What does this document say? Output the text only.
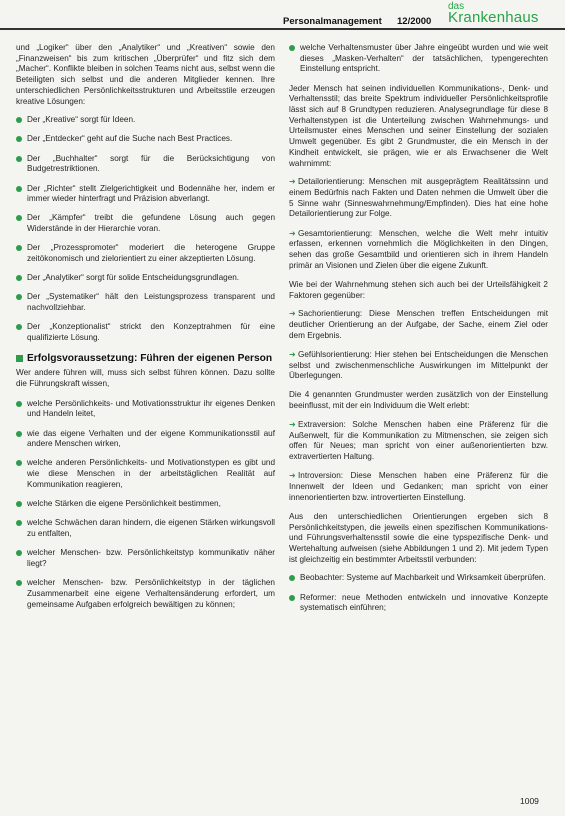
Personalmanagement 12/2000
das
Krankenhaus
und „Logiker“ über den „Analytiker“ und „Kreativen“ sowie den „Finanzweisen“ bis zum kritischen „Überprüfer“ und fitz sich dem „Macher“. Konflikte bleiben in solchen Teams nicht aus, selbst wenn die Beteiligten sich selbst und die anderen Mitglieder kennen. Ihre unterschiedlichen Persönlichkeitsstrukturen und Arbeitsstile erzeugen kreative Lösungen:
Der „Kreative“ sorgt für Ideen.
Der „Entdecker“ geht auf die Suche nach Best Practices.
Der „Buchhalter“ sorgt für die Berücksichtigung von Budgetrestriktionen.
Der „Richter“ stellt Zielgerichtigkeit und Bodennähe her, indem er immer wieder hinterfragt und Präzision abverlangt.
Der „Kämpfer“ treibt die gefundene Lösung auch gegen Widerstände in der Hierarchie voran.
Der „Prozesspromoter“ moderiert die heterogene Gruppe zeitökonomisch und zielorientiert zu einer akzeptierten Lösung.
Der „Analytiker“ sorgt für solide Entscheidungsgrundlagen.
Der „Systematiker“ hält den Leistungsprozess transparent und nachvollziehbar.
Der „Konzeptionalist“ strickt den Konzeptrahmen für eine qualifizierte Lösung.
Erfolgsvoraussetzung: Führen der eigenen Person
Wer andere führen will, muss sich selbst führen können. Dazu sollte die Führungskraft wissen,
welche Persönlichkeits- und Motivationsstruktur ihr eigenes Denken und Handeln leitet,
wie das eigene Verhalten und der eigene Kommunikationsstil auf andere Menschen wirken,
welche anderen Persönlichkeits- und Motivationstypen es gibt und wie diese Menschen in der arbeitstäglichen Realität auf Kommunikation reagieren,
welche Stärken die eigene Persönlichkeit bestimmen,
welche Schwächen daran hindern, die eigenen Stärken wirkungsvoll zu entfalten,
welcher Menschen- bzw. Persönlichkeitstyp kommunikativ näher liegt?
welcher Menschen- bzw. Persönlichkeitstyp in der täglichen Zusammenarbeit eine eigene Verhaltensänderung erfordert, um gemeinsame Aufgaben erfolgreich bewältigen zu können;
welche Verhaltensmuster über Jahre eingeübt wurden und wie weit dieses „Masken-Verhalten“ der tatsächlichen, typengerechten Einstellung entspricht.
Jeder Mensch hat seinen individuellen Kommunikations-, Denk- und Verhaltensstil; das breite Spektrum individueller Persönlichkeitsprofile lässt sich auf 8 Grundtypen reduzieren. Analysegrundlage für diese 8 Verhaltenstypen ist die Unterteilung zwischen Wahrnehmungs- und Urteilsmuster eines Menschen und seiner Einstellung der sozialen Umwelt gegenüber. Es gibt 2 Grundmuster, die ein Mensch in der Kindheit entwickelt, sie prägen, wie er als Erwachsener die Welt wahrnimmt:
➜ Detailorientierung: Menschen mit ausgeprägtem Realitätssinn und einem Bedürfnis nach Fakten und Daten nehmen die Umwelt über die 5 Sinne wahr (Sinneswahrnehmung/Empfinden). Dies hat eine hohe Detailorientierung zur Folge.
➜ Gesamtorientierung: Menschen, welche die Welt mehr intuitiv erfassen, erkennen vornehmlich die Möglichkeiten in den Dingen, sehen das große Gesamtbild und orientieren sich in ihrem Handeln primär an Visionen und Zielen über die eigene Zukunft.
Wie bei der Wahrnehmung stehen sich auch bei der Urteilsfähigkeit 2 Faktoren gegenüber:
➜ Sachorientierung: Diese Menschen treffen Entscheidungen mit deutlicher Orientierung an der Aufgabe, der Sache, einem Ziel oder dem Ergebnis.
➜ Gefühlsorientierung: Hier stehen bei Entscheidungen die Menschen selbst und zwischenmenschliche Auswirkungen im Mittelpunkt der Überlegungen.
Die 4 genannten Grundmuster werden zusätzlich von der Einstellung beeinflusst, mit der ein Individuum die Welt erlebt:
➜ Extraversion: Solche Menschen haben eine Präferenz für die Außenwelt, für die Kommunikation zu Mitmenschen, sie zeigen sich offen für Neues; man spricht von einer außenorientierten bzw. extravertierten Haltung.
➜ Introversion: Diese Menschen haben eine Präferenz für die Innenwelt der Ideen und Gedanken; man spricht von einer innenorientierten bzw. introvertierten Einstellung.
Aus den unterschiedlichen Orientierungen ergeben sich 8 Persönlichkeitstypen, die jeweils einen spezifischen Kommunikations- und Führungsverhaltensstil sowie die eine typspezifische Denk- und Wertehaltung aufweisen (siehe Abbildungen 1 und 2). Mit jedem Typen ist gleichzeitig ein bestimmter Arbeitsstil verbunden:
Beobachter: Systeme auf Machbarkeit und Wirksamkeit überprüfen.
Reformer: neue Methoden entwickeln und innovative Konzepte systematisch einführen;
1009
